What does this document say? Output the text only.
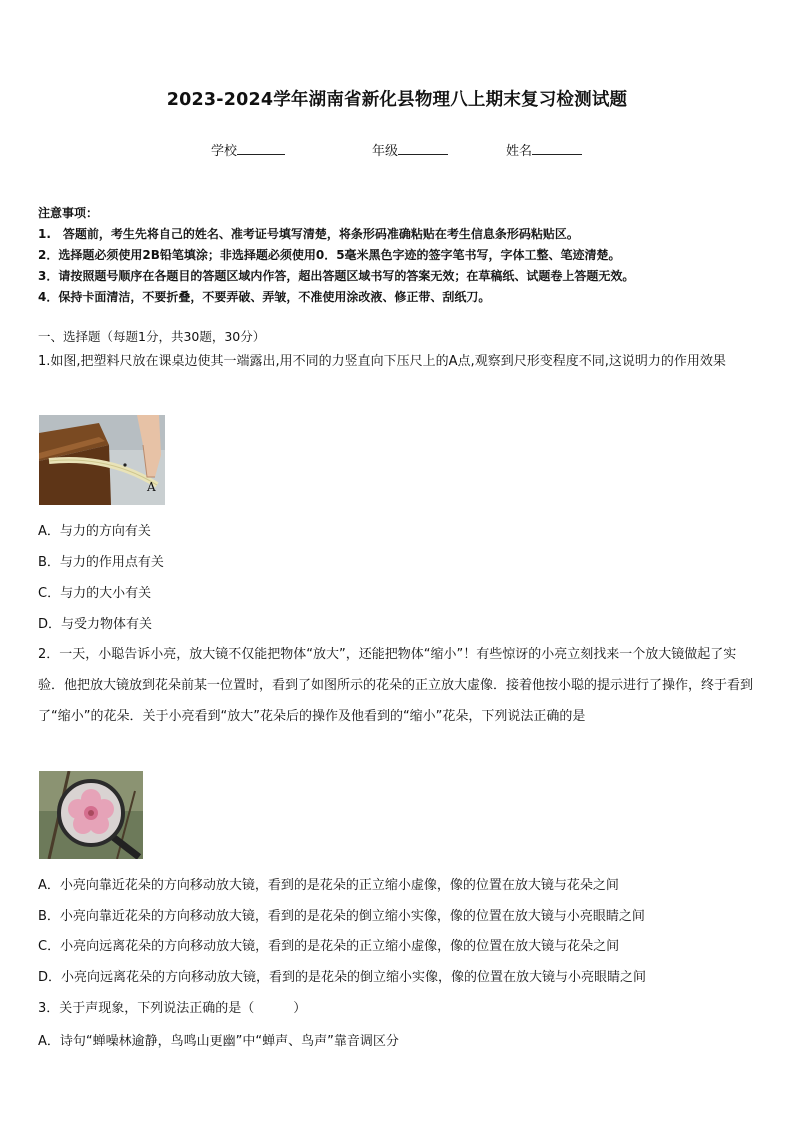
2023-2024学年湖南省新化县物理八上期末复习检测试题
学校	年级	姓名
注意事项：
1.　答题前，考生先将自己的姓名、准考证号填写清楚，将条形码准确粘贴在考生信息条形码粘贴区。
2．选择题必须使用2B铅笔填涂；非选择题必须使用0．5毫米黑色字迹的签字笔书写，字体工整、笔迹清楚。
3．请按照题号顺序在各题目的答题区域内作答，超出答题区域书写的答案无效；在草稿纸、试题卷上答题无效。
4．保持卡面清洁，不要折叠，不要弄破、弄皱，不准使用涂改液、修正带、刮纸刀。
一、选择题（每题1分，共30题，30分）
1.如图,把塑料尺放在课桌边使其一端露出,用不同的力竖直向下压尺上的A点,观察到尺形变程度不同,这说明力的作用效果
A
A．与力的方向有关
B．与力的作用点有关
C．与力的大小有关
D．与受力物体有关
2．一天，小聪告诉小亮，放大镜不仅能把物体“放大”，还能把物体“缩小”！有些惊讶的小亮立刻找来一个放大镜做起了实验．他把放大镜放到花朵前某一位置时，看到了如图所示的花朵的正立放大虚像．接着他按小聪的提示进行了操作，终于看到了“缩小”的花朵．关于小亮看到“放大”花朵后的操作及他看到的“缩小”花朵，下列说法正确的是
A．小亮向靠近花朵的方向移动放大镜，看到的是花朵的正立缩小虚像，像的位置在放大镜与花朵之间
B．小亮向靠近花朵的方向移动放大镜，看到的是花朵的倒立缩小实像，像的位置在放大镜与小亮眼睛之间
C．小亮向远离花朵的方向移动放大镜，看到的是花朵的正立缩小虚像，像的位置在放大镜与花朵之间
D．小亮向远离花朵的方向移动放大镜，看到的是花朵的倒立缩小实像，像的位置在放大镜与小亮眼睛之间
3．关于声现象，下列说法正确的是（　　　）
A．诗句“蝉噪林逾静，鸟鸣山更幽”中“蝉声、鸟声”靠音调区分
